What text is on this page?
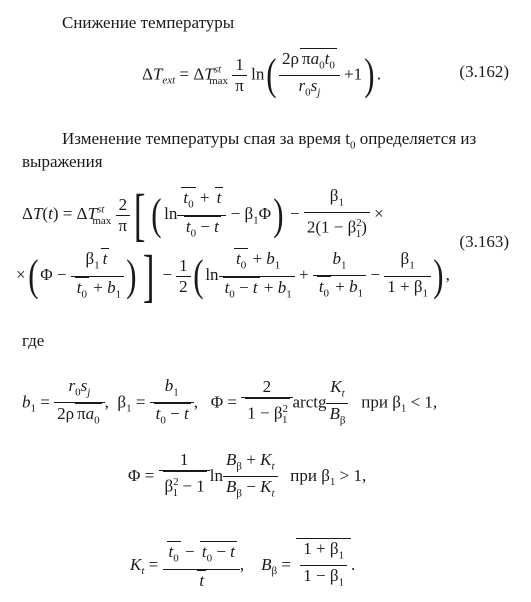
Снижение температуры
$\Delta T_{ext} = \Delta T^{st}_{max} \frac{1}{\pi} \ln( \frac{2\rho \pi a_0t_0}{r_0s_j} +1)$ .	(3.162)
Изменение температуры спая за время $t_0$ определяется из
выражения
$\Delta T(t) = \Delta T^{st}_{max} \frac{2}{\pi}$ [ ( $\ln \frac{t_0 + t}{t_0 - t} - \beta_1\Phi) - \frac{\beta_1}{2(1 - \beta^2_1)}$ ×
(3.163)
×( $\Phi - \frac{\beta_1 t}{t_0 + b_1}$ ) ] − $\frac{1}{2}$ ( $\ln \frac{t_0 + b_1}{t_0 - t + b_1} + \frac{b_1}{t_0 + b_1} - \frac{\beta_1}{1 + \beta_1}$ ) ,
где
$b_1 = \frac{r_0s_j}{2\rho \pi a_0}$ ,  $\beta_1 = \frac{b_1}{t_0 - t}$ ,   $\Phi = \frac{2}{1 - \beta^2_1}$ arctg $\frac{K_t}{B_\beta}$ при $\beta_1 < 1$,
$\Phi = \frac{1}{\beta^2_1 - 1}$ $\ln \frac{B_\beta + K_t}{B_\beta - K_t}$ при $\beta_1 > 1$,
$K_t = \frac{t_0 - t_0 - t}{t}$ ,    $B_\beta = \frac{1 + \beta_1}{1 - \beta_1}$ .
